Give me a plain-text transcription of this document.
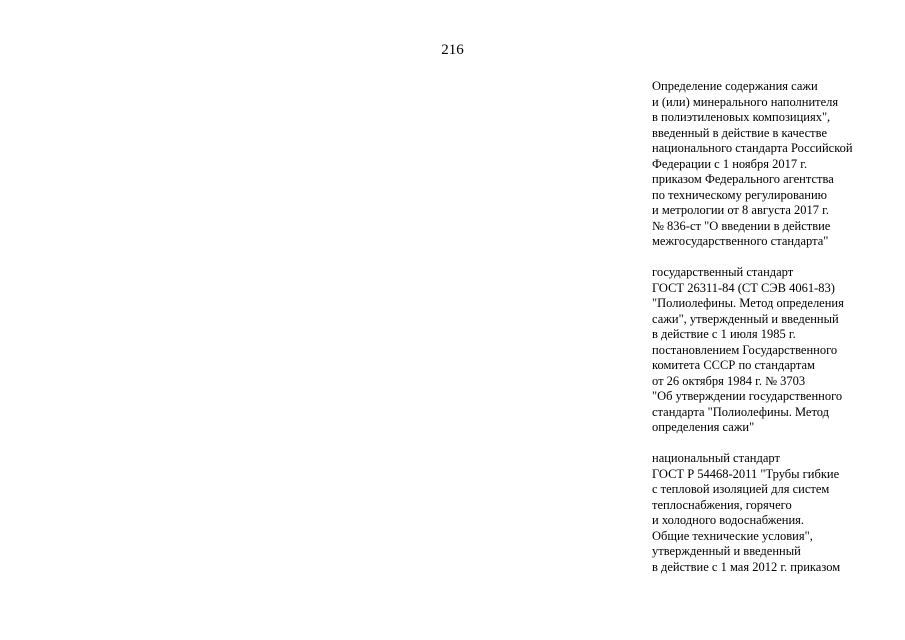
216
Определение содержания сажи
и (или) минерального наполнителя
в полиэтиленовых композициях",
введенный в действие в качестве
национального стандарта Российской
Федерации с 1 ноября 2017 г.
приказом Федерального агентства
по техническому регулированию
и метрологии от 8 августа 2017 г.
№ 836-ст "О введении в действие
межгосударственного стандарта"
государственный стандарт
ГОСТ 26311-84 (СТ СЭВ 4061-83)
"Полиолефины. Метод определения
сажи", утвержденный и введенный
в действие с 1 июля 1985 г.
постановлением Государственного
комитета СССР по стандартам
от 26 октября 1984 г. № 3703
"Об утверждении государственного
стандарта "Полиолефины. Метод
определения сажи"
национальный стандарт
ГОСТ Р 54468-2011 "Трубы гибкие
с тепловой изоляцией для систем
теплоснабжения, горячего
и холодного водоснабжения.
Общие технические условия",
утвержденный и введенный
в действие с 1 мая 2012 г. приказом
